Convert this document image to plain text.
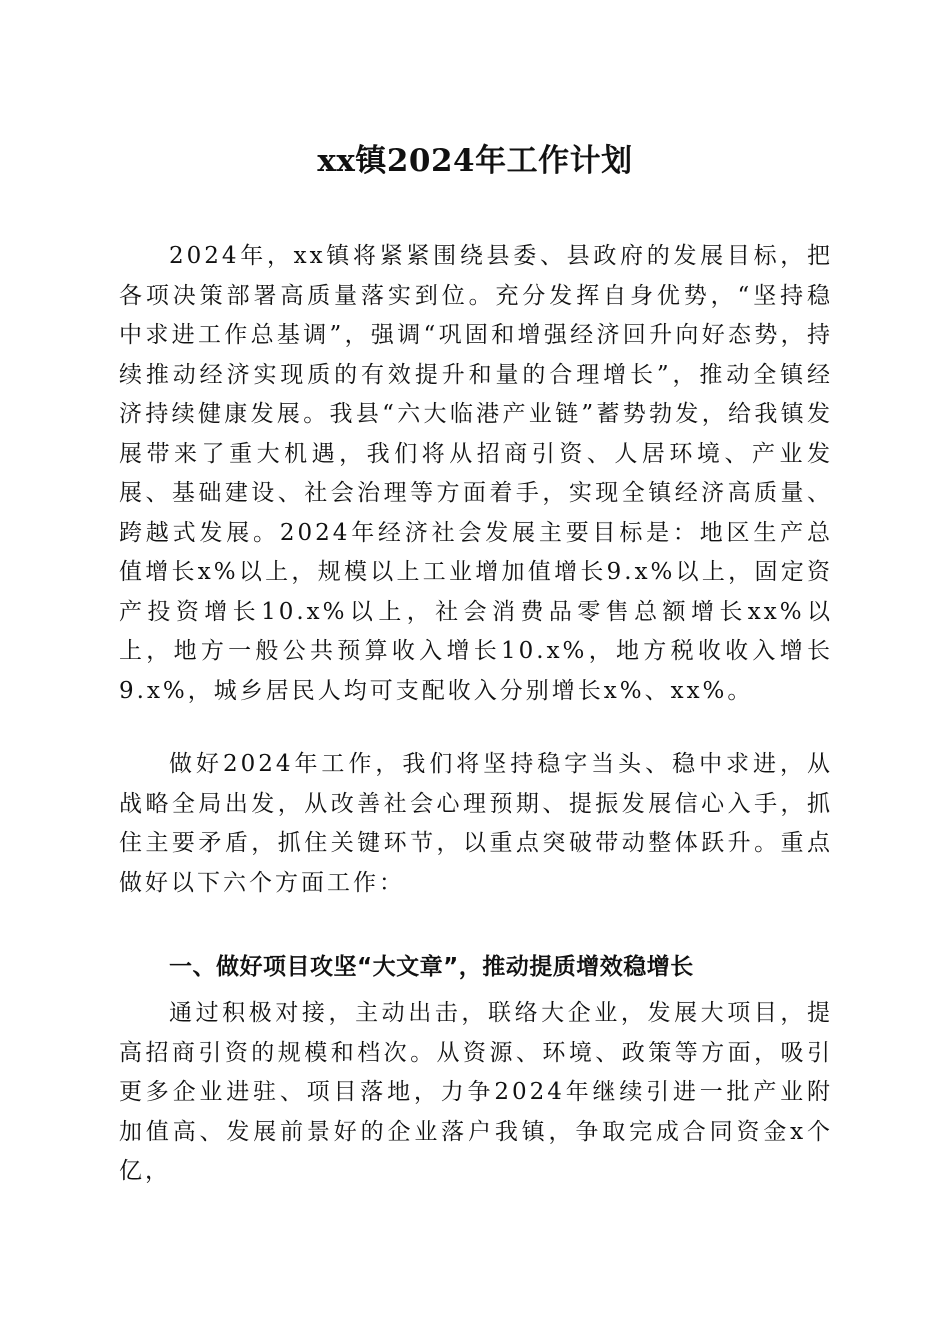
xx镇2024年工作计划

2024年，xx镇将紧紧围绕县委、县政府的发展目标，把各项决策部署高质量落实到位。充分发挥自身优势，“坚持稳中求进工作总基调”，强调“巩固和增强经济回升向好态势，持续推动经济实现质的有效提升和量的合理增长”，推动全镇经济持续健康发展。我县“六大临港产业链”蓄势勃发，给我镇发展带来了重大机遇，我们将从招商引资、人居环境、产业发展、基础建设、社会治理等方面着手，实现全镇经济高质量、跨越式发展。2024年经济社会发展主要目标是：地区生产总值增长x%以上，规模以上工业增加值增长9.x%以上，固定资产投资增长10.x%以上，社会消费品零售总额增长xx%以上，地方一般公共预算收入增长10.x%，地方税收收入增长9.x%，城乡居民人均可支配收入分别增长x%、xx%。

做好2024年工作，我们将坚持稳字当头、稳中求进，从战略全局出发，从改善社会心理预期、提振发展信心入手，抓住主要矛盾，抓住关键环节，以重点突破带动整体跃升。重点做好以下六个方面工作：

一、做好项目攻坚“大文章”，推动提质增效稳增长

通过积极对接，主动出击，联络大企业，发展大项目，提高招商引资的规模和档次。从资源、环境、政策等方面，吸引更多企业进驻、项目落地，力争2024年继续引进一批产业附加值高、发展前景好的企业落户我镇，争取完成合同资金x个亿，
